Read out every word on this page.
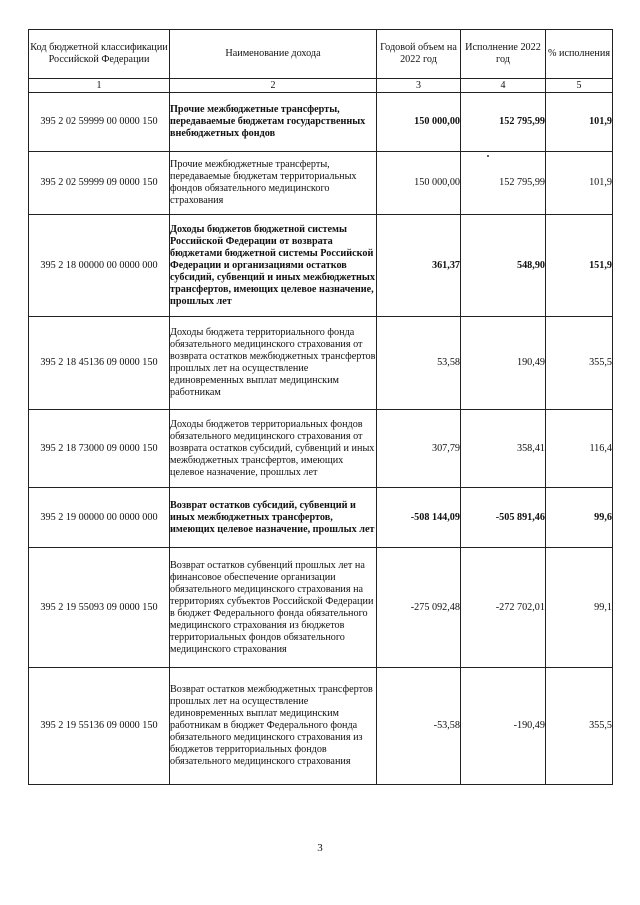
Код бюджетной классификации Российской Федерации	Наименование дохода	Годовой объем на 2022 год	Исполнение 2022 год	% исполнения
1	2	3	4	5
395 2 02 59999 00 0000 150	Прочие межбюджетные трансферты, передаваемые бюджетам государственных внебюджетных фондов	150 000,00	152 795,99	101,9
395 2 02 59999 09 0000 150	Прочие межбюджетные трансферты, передаваемые бюджетам территориальных фондов обязательного медицинского страхования	150 000,00	152 795,99	101,9
395 2 18 00000 00 0000 000	Доходы бюджетов бюджетной системы Российской Федерации от возврата бюджетами бюджетной системы Российской Федерации и организациями остатков субсидий, субвенций и иных межбюджетных трансфертов, имеющих целевое назначение, прошлых лет	361,37	548,90	151,9
395 2 18 45136 09 0000 150	Доходы бюджета территориального фонда обязательного медицинского страхования от возврата остатков межбюджетных трансфертов прошлых лет на осуществление единовременных выплат медицинским работникам	53,58	190,49	355,5
395 2 18 73000 09 0000 150	Доходы бюджетов территориальных фондов обязательного медицинского страхования от возврата остатков субсидий, субвенций и иных межбюджетных трансфертов, имеющих целевое назначение, прошлых лет	307,79	358,41	116,4
395 2 19 00000 00 0000 000	Возврат остатков субсидий, субвенций и иных межбюджетных трансфертов, имеющих целевое назначение, прошлых лет	-508 144,09	-505 891,46	99,6
395 2 19 55093 09 0000 150	Возврат остатков субвенций прошлых лет на финансовое обеспечение организации обязательного медицинского страхования на территориях субъектов Российской Федерации в бюджет Федерального фонда обязательного медицинского страхования из бюджетов территориальных фондов обязательного медицинского страхования	-275 092,48	-272 702,01	99,1
395 2 19 55136 09 0000 150	Возврат остатков межбюджетных трансфертов прошлых лет на осуществление единовременных выплат медицинским работникам в бюджет Федерального фонда обязательного медицинского страхования из бюджетов территориальных фондов обязательного медицинского страхования	-53,58	-190,49	355,5
3
